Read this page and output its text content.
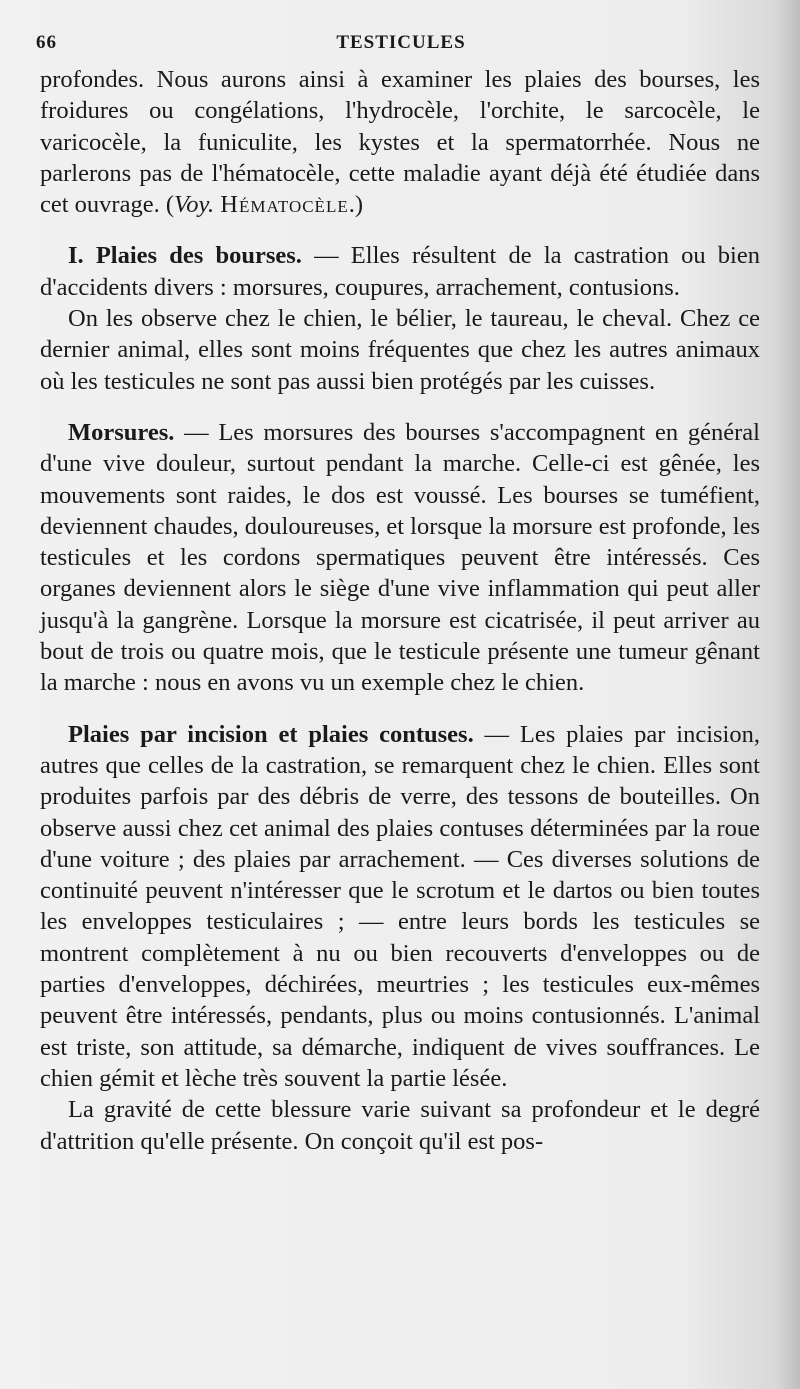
66	TESTICULES

profondes. Nous aurons ainsi à examiner les plaies des bourses, les froidures ou congélations, l'hydrocèle, l'orchite, le sarcocèle, le varicocèle, la funiculite, les kystes et la spermatorrhée. Nous ne parlerons pas de l'hématocèle, cette maladie ayant déjà été étudiée dans cet ouvrage. (Voy. Hématocèle.)

I. Plaies des bourses. — Elles résultent de la castration ou bien d'accidents divers : morsures, coupures, arrachement, contusions.

On les observe chez le chien, le bélier, le taureau, le cheval. Chez ce dernier animal, elles sont moins fréquentes que chez les autres animaux où les testicules ne sont pas aussi bien protégés par les cuisses.

Morsures. — Les morsures des bourses s'accompagnent en général d'une vive douleur, surtout pendant la marche. Celle-ci est gênée, les mouvements sont raides, le dos est voussé. Les bourses se tuméfient, deviennent chaudes, douloureuses, et lorsque la morsure est profonde, les testicules et les cordons spermatiques peuvent être intéressés. Ces organes deviennent alors le siège d'une vive inflammation qui peut aller jusqu'à la gangrène. Lorsque la morsure est cicatrisée, il peut arriver au bout de trois ou quatre mois, que le testicule présente une tumeur gênant la marche : nous en avons vu un exemple chez le chien.

Plaies par incision et plaies contuses. — Les plaies par incision, autres que celles de la castration, se remarquent chez le chien. Elles sont produites parfois par des débris de verre, des tessons de bouteilles. On observe aussi chez cet animal des plaies contuses déterminées par la roue d'une voiture ; des plaies par arrachement. — Ces diverses solutions de continuité peuvent n'intéresser que le scrotum et le dartos ou bien toutes les enveloppes testiculaires ; — entre leurs bords les testicules se montrent complètement à nu ou bien recouverts d'enveloppes ou de parties d'enveloppes, déchirées, meurtries ; les testicules eux-mêmes peuvent être intéressés, pendants, plus ou moins contusionnés. L'animal est triste, son attitude, sa démarche, indiquent de vives souffrances. Le chien gémit et lèche très souvent la partie lésée.

La gravité de cette blessure varie suivant sa profondeur et le degré d'attrition qu'elle présente. On conçoit qu'il est pos-
